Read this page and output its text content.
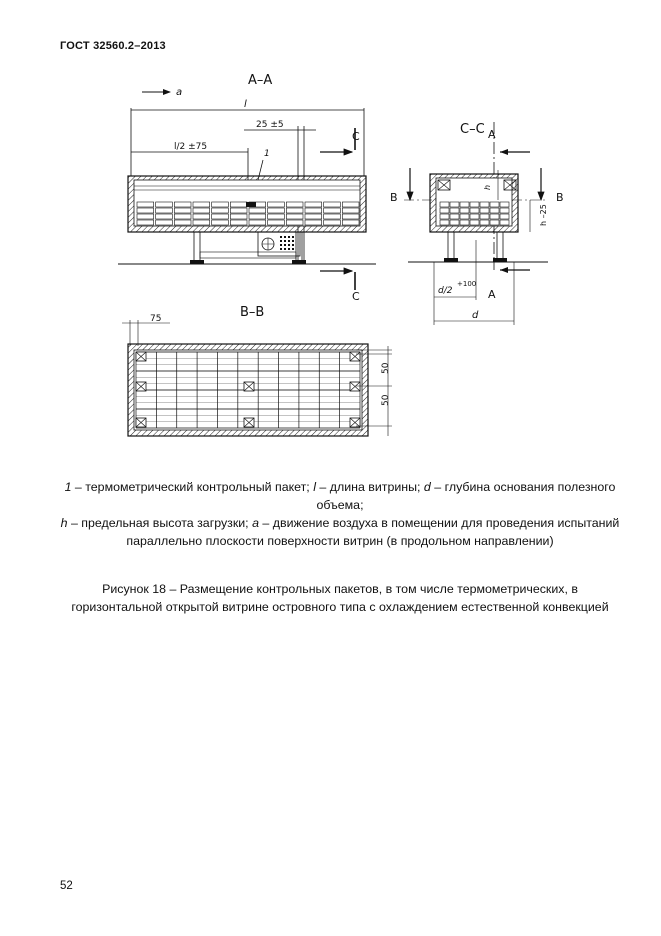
ГОСТ 32560.2–2013
А–А
a
l
l/2 ±75
25 ±5
1
С
С
С–С А
А
В	В
h
h –25
d/2
+100
d
В–В
75
50
50

1 – термометрический контрольный пакет; l – длина витрины; d – глубина основания полезного объема;

h – предельная высота загрузки; a – движение воздуха в помещении для проведения испытаний параллельно плоскости поверхности витрин (в продольном направлении)

Рисунок 18 – Размещение контрольных пакетов, в том числе термометрических, в горизонтальной открытой витрине островного типа с охлаждением естественной конвекцией
52
